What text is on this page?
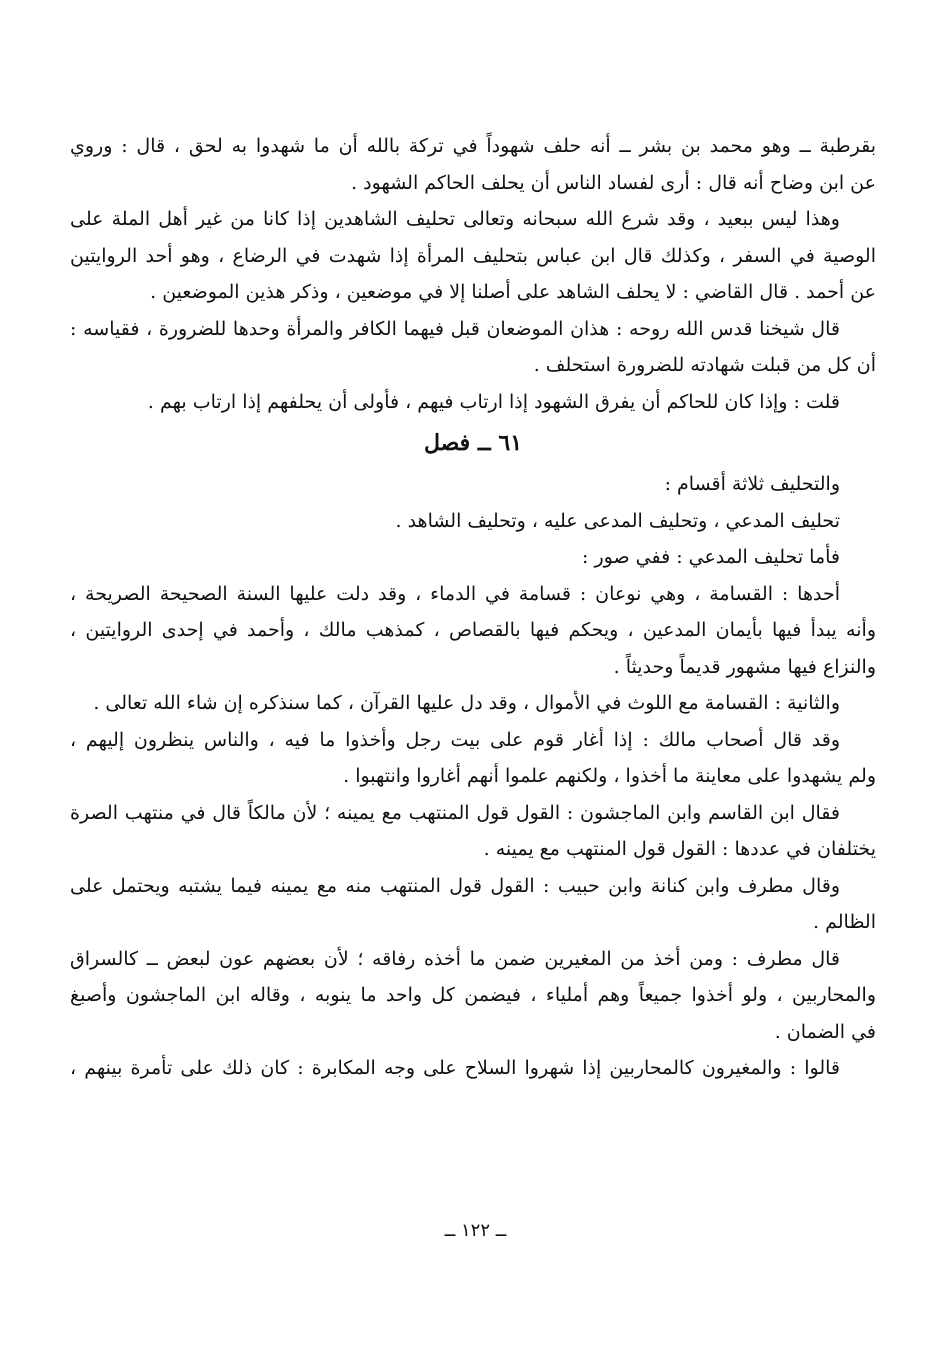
بقرطبة ــ وهو محمد بن بشر ــ أنه حلف شهوداً في تركة بالله أن ما شهدوا به لحق ، قال : وروي
عن ابن وضاح أنه قال : أرى لفساد الناس أن يحلف الحاكم الشهود .
وهذا ليس ببعيد ، وقد شرع الله سبحانه وتعالى تحليف الشاهدين إذا كانا من غير أهل الملة على
الوصية في السفر ، وكذلك قال ابن عباس بتحليف المرأة إذا شهدت في الرضاع ، وهو أحد الروايتين
عن أحمد . قال القاضي : لا يحلف الشاهد على أصلنا إلا في موضعين ، وذكر هذين الموضعين .
قال شيخنا قدس الله روحه : هذان الموضعان قبل فيهما الكافر والمرأة وحدها للضرورة ، فقياسه :
أن كل من قبلت شهادته للضرورة استحلف .
قلت : وإذا كان للحاكم أن يفرق الشهود إذا ارتاب فيهم ، فأولى أن يحلفهم إذا ارتاب بهم .
٦١ ــ فصل
والتحليف ثلاثة أقسام :
تحليف المدعي ، وتحليف المدعى عليه ، وتحليف الشاهد .
فأما تحليف المدعي : ففي صور :
أحدها : القسامة ، وهي نوعان : قسامة في الدماء ، وقد دلت عليها السنة الصحيحة الصريحة ،
وأنه يبدأ فيها بأيمان المدعين ، ويحكم فيها بالقصاص ، كمذهب مالك ، وأحمد في إحدى الروايتين ،
والنزاع فيها مشهور قديماً وحديثاً .
والثانية : القسامة مع اللوث في الأموال ، وقد دل عليها القرآن ، كما سنذكره إن شاء الله تعالى .
وقد قال أصحاب مالك : إذا أغار قوم على بيت رجل وأخذوا ما فيه ، والناس ينظرون إليهم ،
ولم يشهدوا على معاينة ما أخذوا ، ولكنهم علموا أنهم أغاروا وانتهبوا .
فقال ابن القاسم وابن الماجشون : القول قول المنتهب مع يمينه ؛ لأن مالكاً قال في منتهب الصرة
يختلفان في عددها : القول قول المنتهب مع يمينه .
وقال مطرف وابن كنانة وابن حبيب : القول قول المنتهب منه مع يمينه فيما يشتبه ويحتمل على
الظالم .
قال مطرف : ومن أخذ من المغيرين ضمن ما أخذه رفاقه ؛ لأن بعضهم عون لبعض ــ كالسراق
والمحاربين ، ولو أخذوا جميعاً وهم أملياء ، فيضمن كل واحد ما ينوبه ، وقاله ابن الماجشون وأصبغ
في الضمان .
قالوا : والمغيرون كالمحاربين إذا شهروا السلاح على وجه المكابرة : كان ذلك على تأمرة بينهم ،
ــ ١٢٢ ــ
